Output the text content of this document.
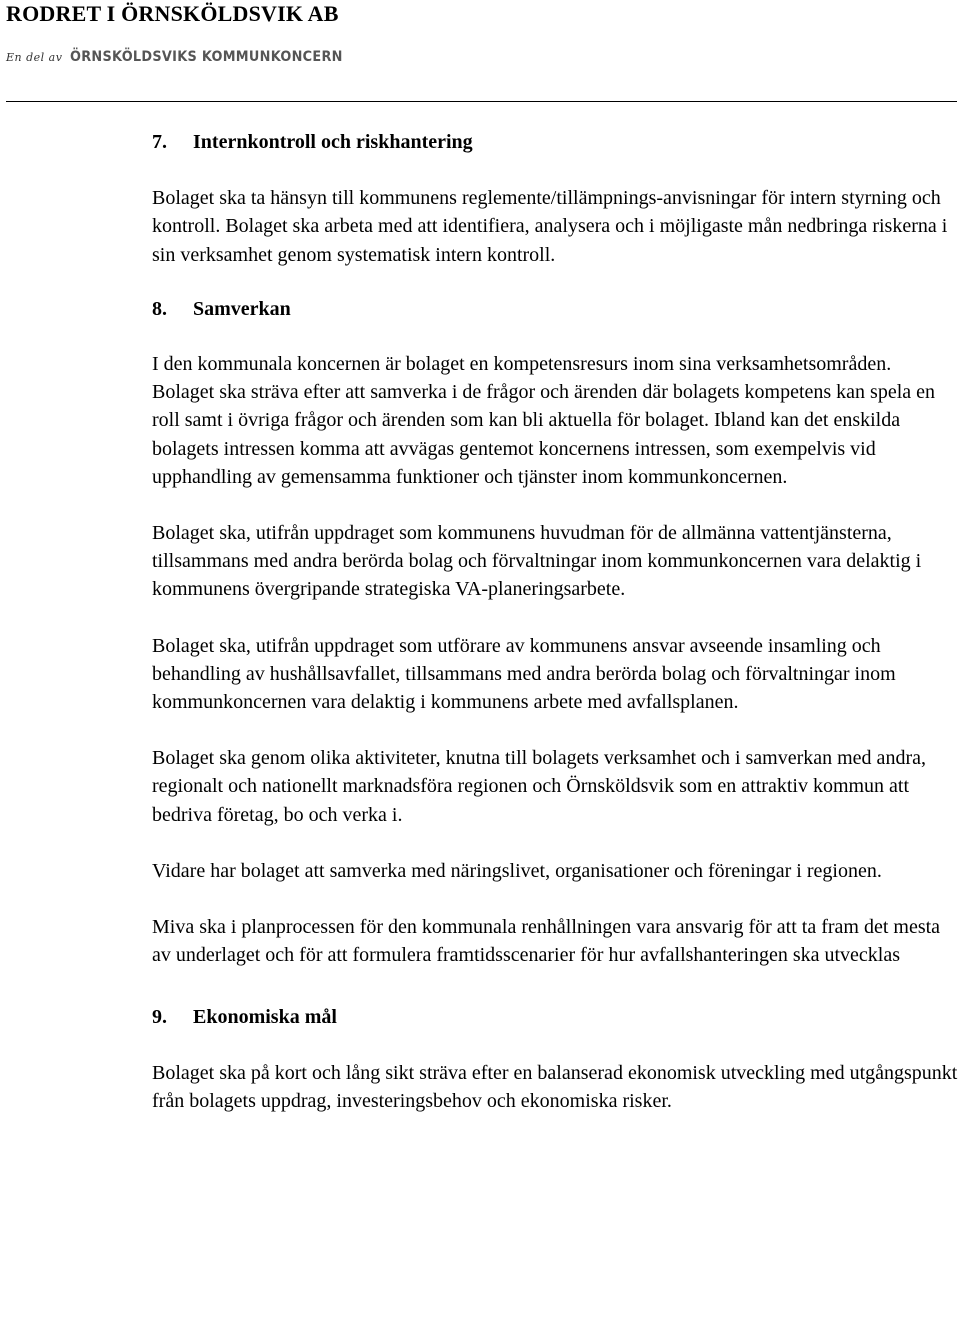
RODRET I ÖRNSKÖLDSVIK AB
En del av ÖRNSKÖLDSVIKS KOMMUNKONCERN
7.	Internkontroll och riskhantering

Bolaget ska ta hänsyn till kommunens reglemente/tillämpnings-anvisningar för intern styrning och kontroll. Bolaget ska arbeta med att identifiera, analysera och i möjligaste mån nedbringa riskerna i sin verksamhet genom systematisk intern kontroll.

8.	Samverkan

I den kommunala koncernen är bolaget en kompetensresurs inom sina verksamhetsområden. Bolaget ska sträva efter att samverka i de frågor och ärenden där bolagets kompetens kan spela en roll samt i övriga frågor och ärenden som kan bli aktuella för bolaget. Ibland kan det enskilda bolagets intressen komma att avvägas gentemot koncernens intressen, som exempelvis vid upphandling av gemensamma funktioner och tjänster inom kommunkoncernen.

Bolaget ska, utifrån uppdraget som kommunens huvudman för de allmänna vattentjänsterna, tillsammans med andra berörda bolag och förvaltningar inom kommunkoncernen vara delaktig i kommunens övergripande strategiska VA-planeringsarbete.

Bolaget ska, utifrån uppdraget som utförare av kommunens ansvar avseende insamling och behandling av hushållsavfallet, tillsammans med andra berörda bolag och förvaltningar inom kommunkoncernen vara delaktig i kommunens arbete med avfallsplanen.

Bolaget ska genom olika aktiviteter, knutna till bolagets verksamhet och i samverkan med andra, regionalt och nationellt marknadsföra regionen och Örnsköldsvik som en attraktiv kommun att bedriva företag, bo och verka i.

Vidare har bolaget att samverka med näringslivet, organisationer och föreningar i regionen.

Miva ska i planprocessen för den kommunala renhållningen vara ansvarig för att ta fram det mesta av underlaget och för att formulera framtidsscenarier för hur avfallshanteringen ska utvecklas

9.	Ekonomiska mål

Bolaget ska på kort och lång sikt sträva efter en balanserad ekonomisk utveckling med utgångspunkt från bolagets uppdrag, investeringsbehov och ekonomiska risker.
